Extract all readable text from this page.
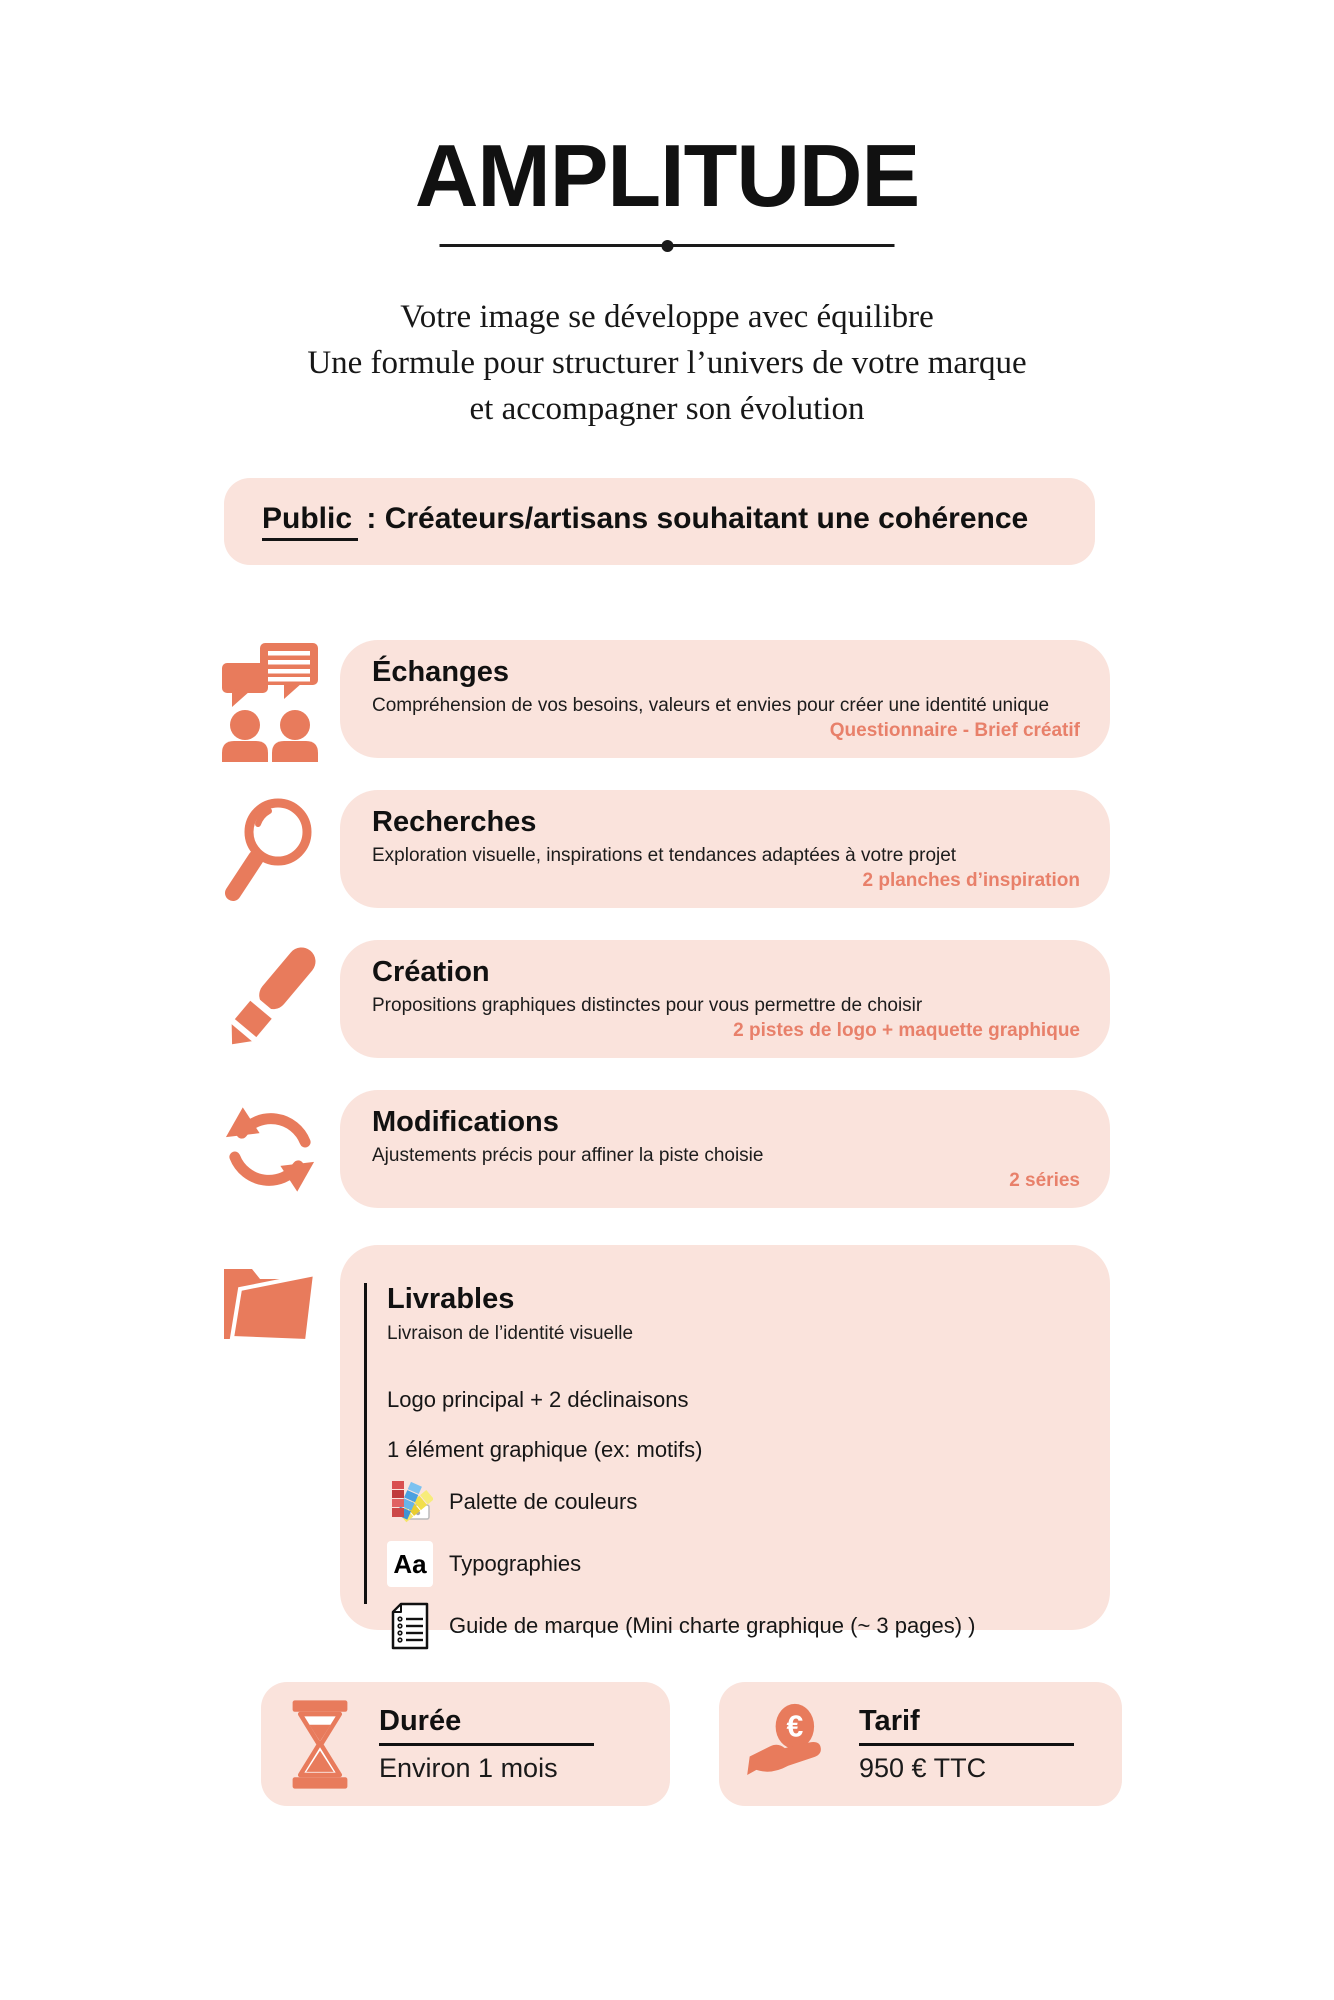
AMPLITUDE
Votre image se développe avec équilibre
Une formule pour structurer l’univers de votre marque
et accompagner son évolution
Public : Créateurs/artisans souhaitant une cohérence
Échanges
Compréhension de vos besoins, valeurs et envies pour créer une identité unique
Questionnaire - Brief créatif
Recherches
Exploration visuelle, inspirations et tendances adaptées à votre projet
2 planches d’inspiration
Création
Propositions graphiques distinctes pour vous permettre de choisir
2 pistes de logo + maquette graphique
Modifications
Ajustements précis pour affiner la piste choisie
2 séries
Livrables
Livraison de l’identité visuelle
Logo principal + 2 déclinaisons
1 élément graphique (ex: motifs)
Palette de couleurs
Aa Typographies
Guide de marque (Mini charte graphique (~ 3 pages) )
Durée
Environ 1 mois
€ Tarif
950 € TTC
